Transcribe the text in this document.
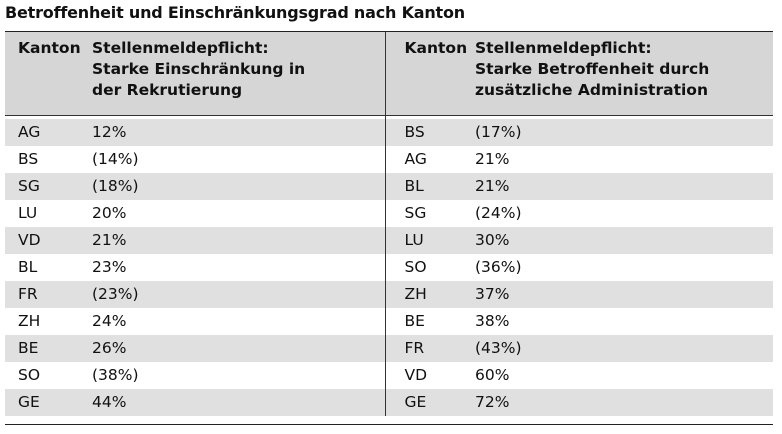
Betroffenheit und Einschränkungsgrad nach Kanton
Kanton	Stellenmeldepflicht:
Starke Einschränkung in
der Rekrutierung	Kanton	Stellenmeldepflicht:
Starke Betroffenheit durch
zusätzliche Administration

AG	12%	BS	(17%)
BS	(14%)	AG	21%
SG	(18%)	BL	21%
LU	20%	SG	(24%)
VD	21%	LU	30%
BL	23%	SO	(36%)
FR	(23%)	ZH	37%
ZH	24%	BE	38%
BE	26%	FR	(43%)
SO	(38%)	VD	60%
GE	44%	GE	72%
